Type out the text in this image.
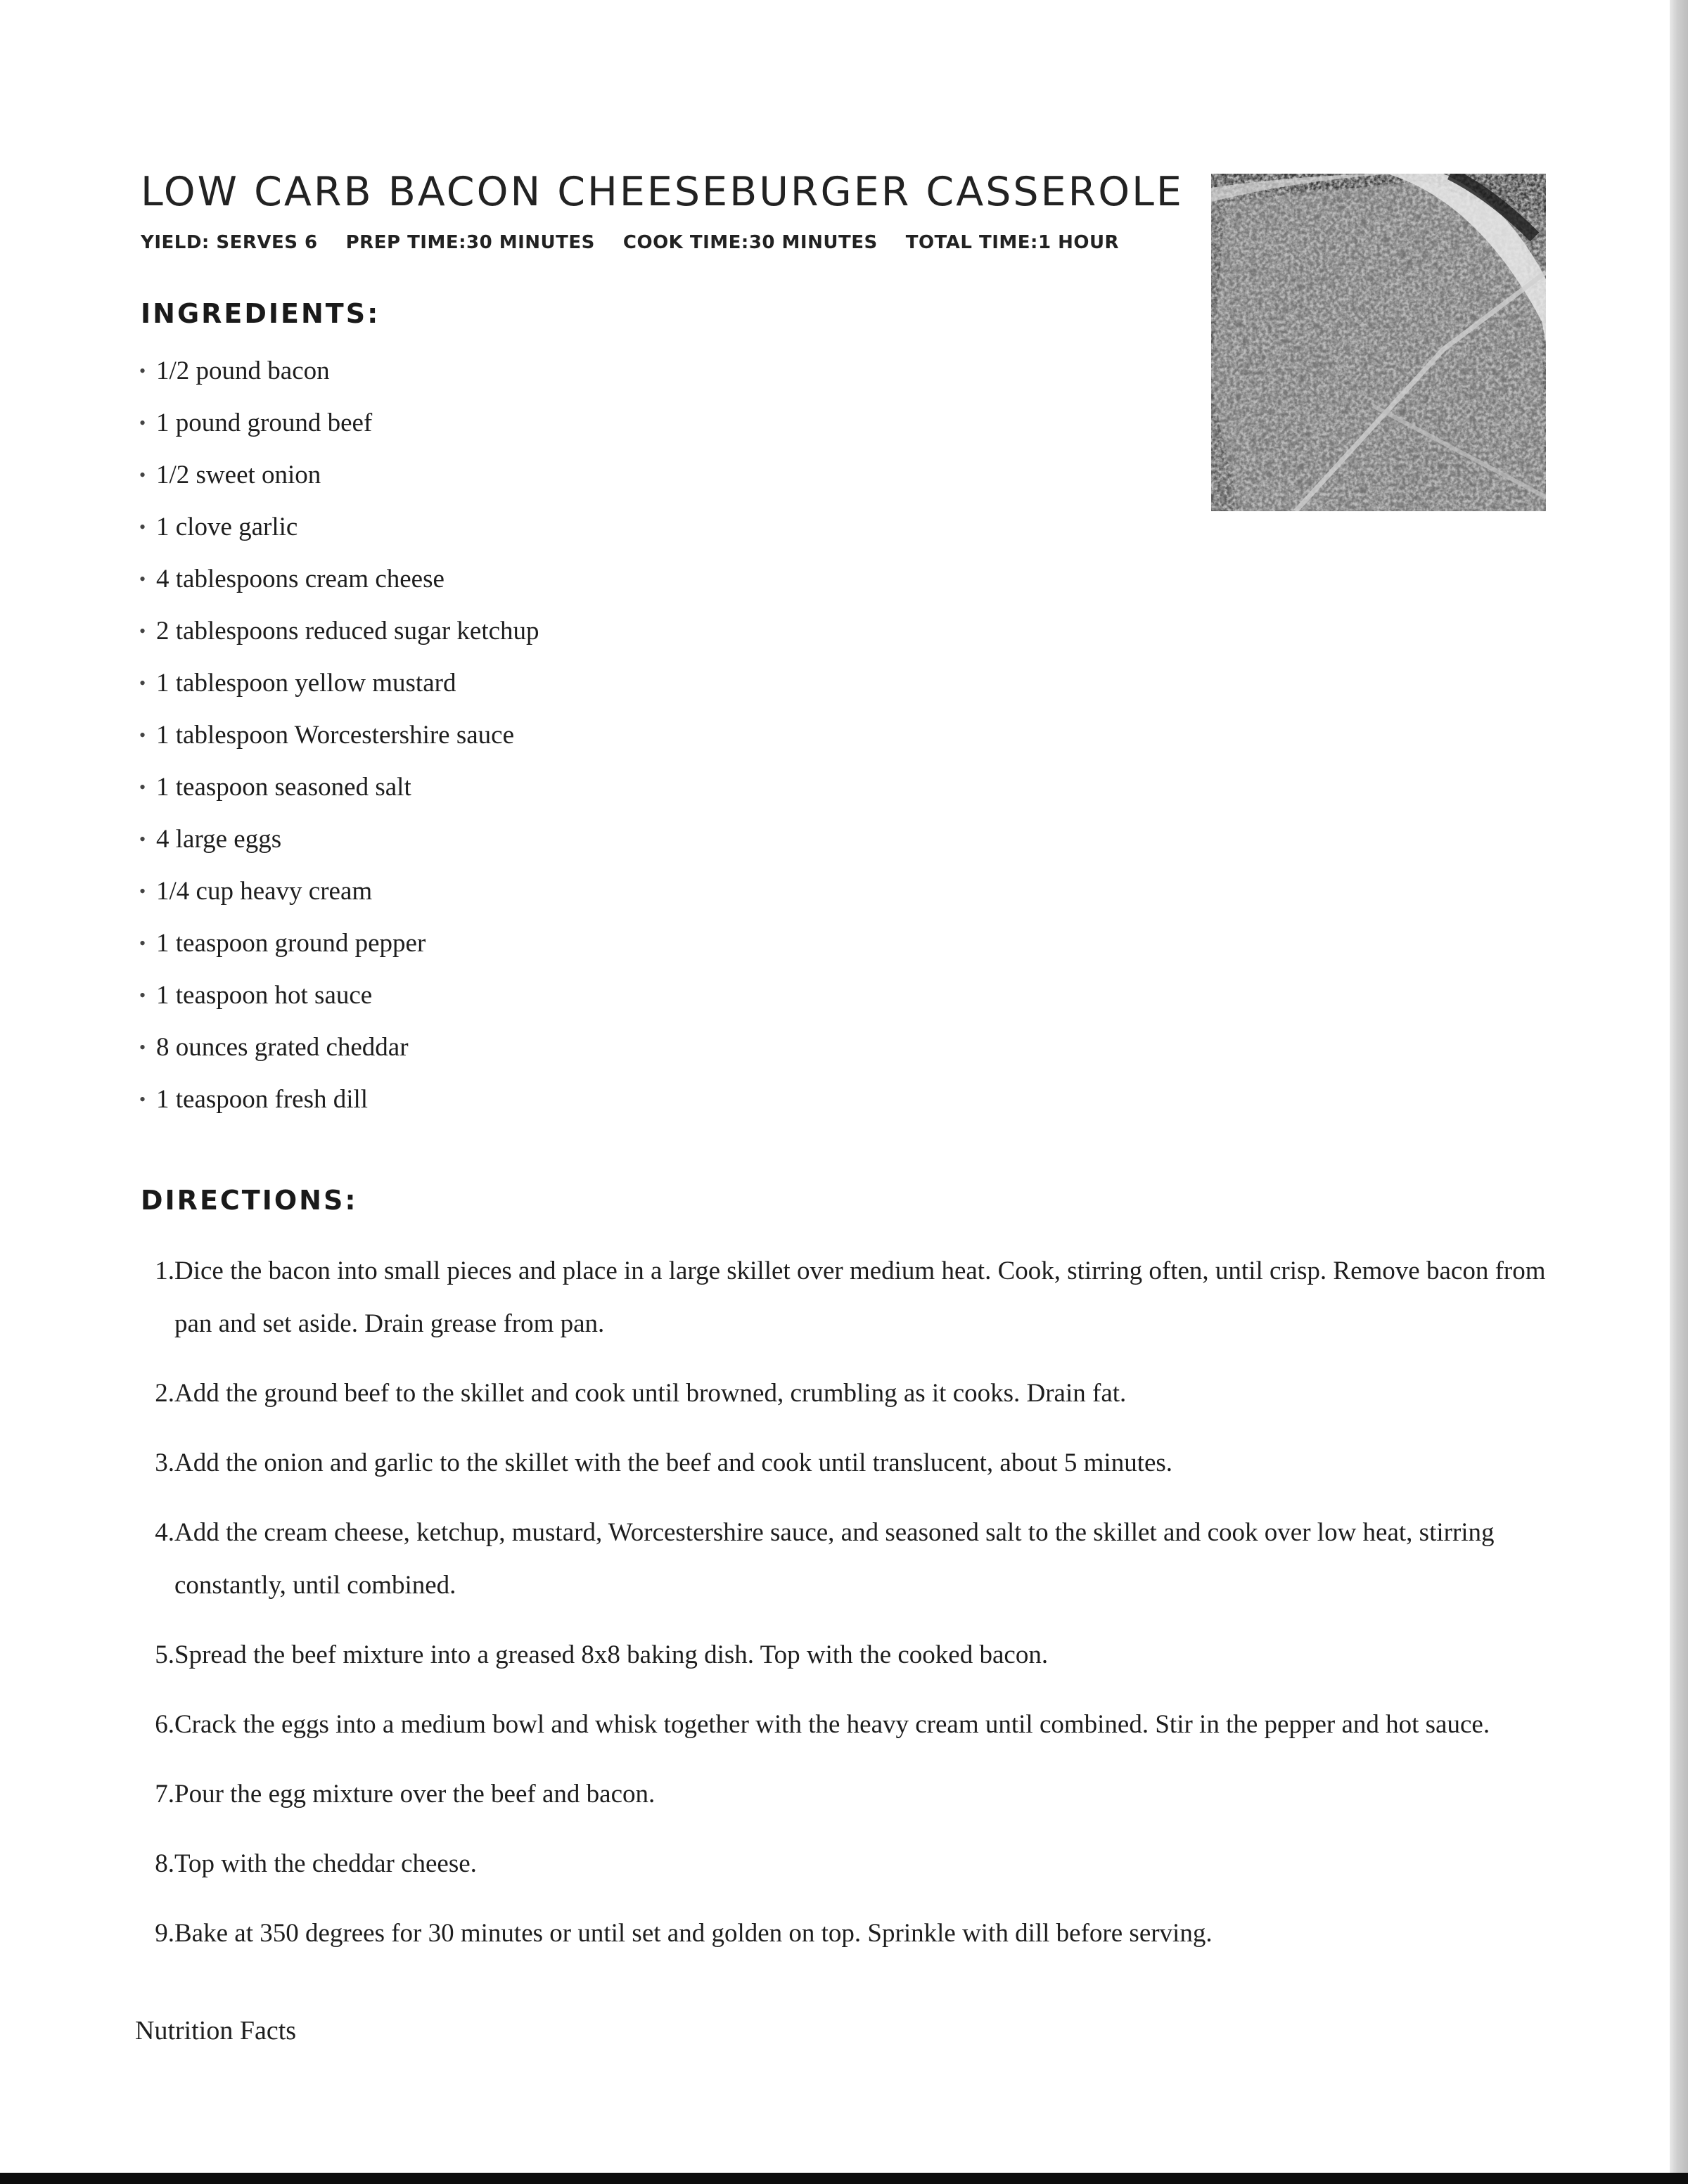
LOW CARB BACON CHEESEBURGER CASSEROLE
YIELD: SERVES 6 PREP TIME:30 MINUTES COOK TIME:30 MINUTES TOTAL TIME:1 HOUR
INGREDIENTS:
• 1/2 pound bacon
• 1 pound ground beef
• 1/2 sweet onion
• 1 clove garlic
• 4 tablespoons cream cheese
• 2 tablespoons reduced sugar ketchup
• 1 tablespoon yellow mustard
• 1 tablespoon Worcestershire sauce
• 1 teaspoon seasoned salt
• 4 large eggs
• 1/4 cup heavy cream
• 1 teaspoon ground pepper
• 1 teaspoon hot sauce
• 8 ounces grated cheddar
• 1 teaspoon fresh dill
DIRECTIONS:
1. Dice the bacon into small pieces and place in a large skillet over medium heat. Cook, stirring often, until crisp. Remove bacon from pan and set aside. Drain grease from pan.
2. Add the ground beef to the skillet and cook until browned, crumbling as it cooks. Drain fat.
3. Add the onion and garlic to the skillet with the beef and cook until translucent, about 5 minutes.
4. Add the cream cheese, ketchup, mustard, Worcestershire sauce, and seasoned salt to the skillet and cook over low heat, stirring constantly, until combined.
5. Spread the beef mixture into a greased 8x8 baking dish. Top with the cooked bacon.
6. Crack the eggs into a medium bowl and whisk together with the heavy cream until combined. Stir in the pepper and hot sauce.
7. Pour the egg mixture over the beef and bacon.
8. Top with the cheddar cheese.
9. Bake at 350 degrees for 30 minutes or until set and golden on top. Sprinkle with dill before serving.
Nutrition Facts
